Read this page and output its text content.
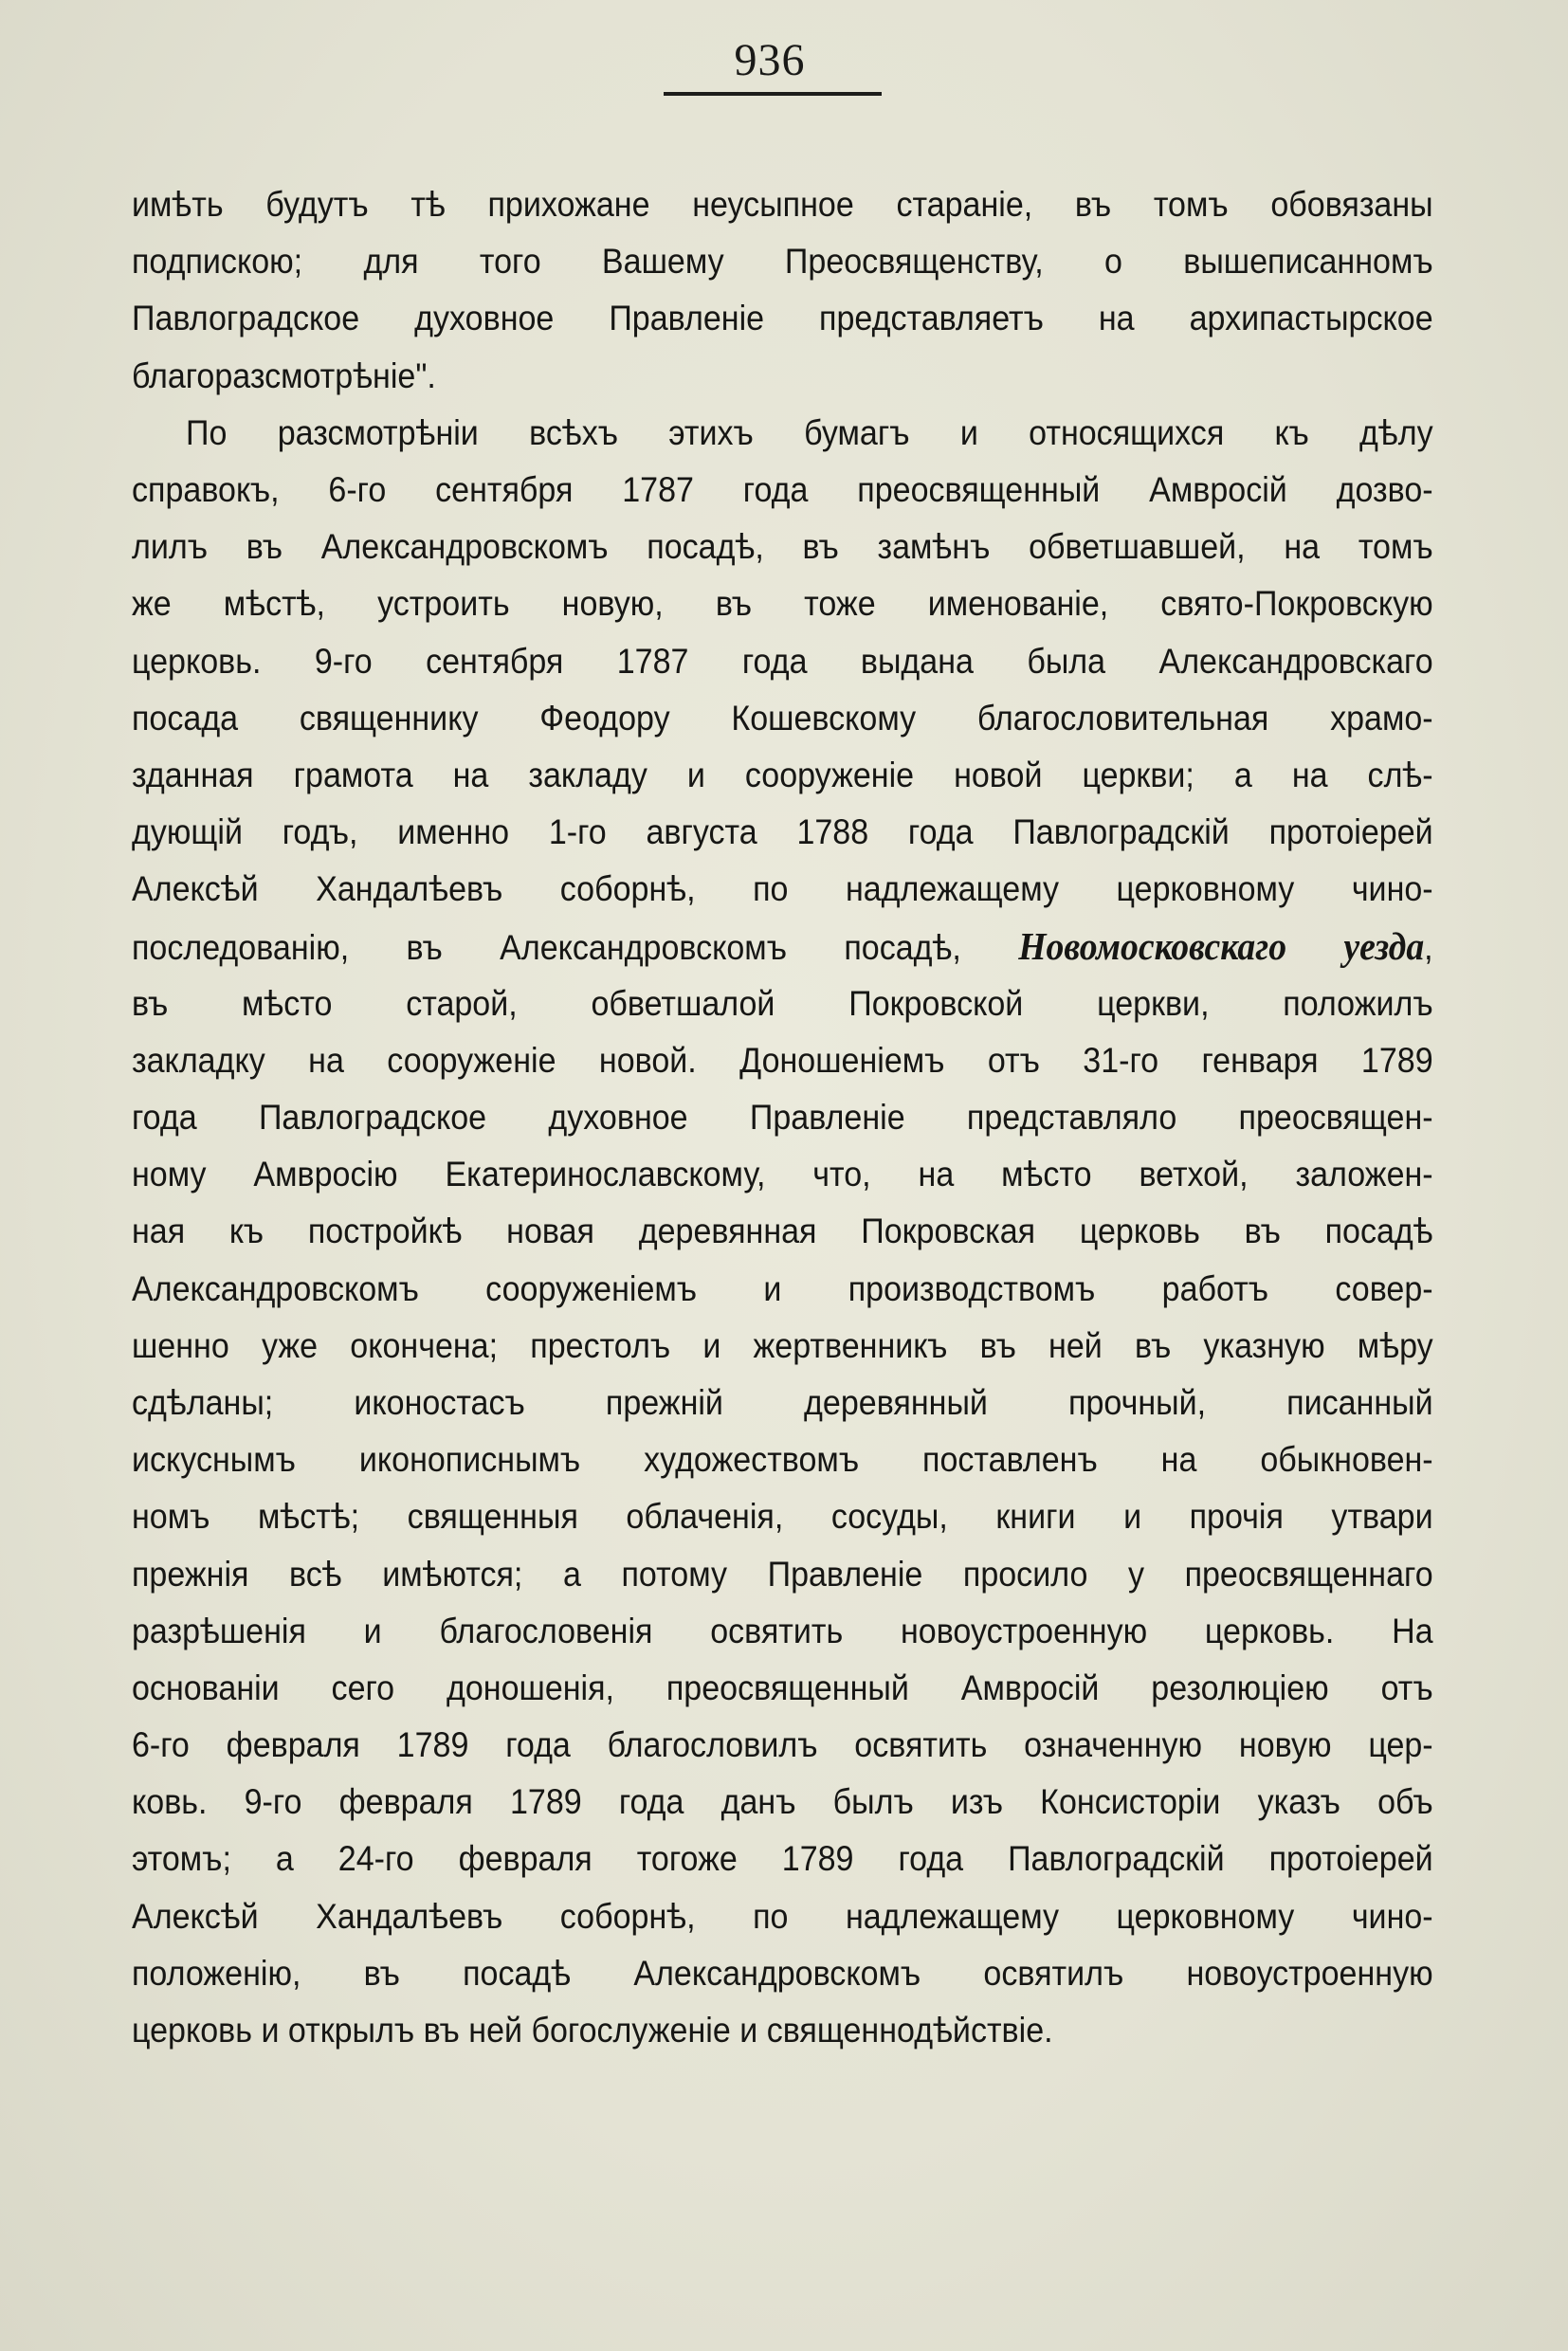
936
имѣть будутъ тѣ прихожане неусыпное стараніе, въ томъ обовязаны
подпискою; для того Вашему Преосвященству, о вышеписанномъ
Павлоградское духовное Правленіе представляетъ на архипастырское
благоразсмотрѣніе".
По разсмотрѣніи всѣхъ этихъ бумагъ и относящихся къ дѣлу
справокъ, 6-го сентября 1787 года преосвященный Амвросій дозво-
лилъ въ Александровскомъ посадѣ, въ замѣнъ обветшавшей, на томъ
же мѣстѣ, устроить новую, въ тоже именованіе, свято-Покровскую
церковь. 9-го сентября 1787 года выдана была Александровскаго
посада священнику Феодору Кошевскому благословительная храмо-
зданная грамота на закладу и сооруженіе новой церкви; а на слѣ-
дующій годъ, именно 1-го августа 1788 года Павлоградскій протоіерей
Алексѣй Хандалѣевъ соборнѣ, по надлежащему церковному чино-
последованію, въ Александровскомъ посадѣ, Новомосковскаго уезда,
въ мѣсто старой, обветшалой Покровской церкви, положилъ
закладку на сооруженіе новой. Доношеніемъ отъ 31-го генваря 1789
года Павлоградское духовное Правленіе представляло преосвящен-
ному Амвросію Екатеринославскому, что, на мѣсто ветхой, заложен-
ная къ постройкѣ новая деревянная Покровская церковь въ посадѣ
Александровскомъ сооруженіемъ и производствомъ работъ совер-
шенно уже окончена; престолъ и жертвенникъ въ ней въ указную мѣру
сдѣланы; иконостасъ прежній деревянный прочный, писанный
искуснымъ иконописнымъ художествомъ поставленъ на обыкновен-
номъ мѣстѣ; священныя облаченія, сосуды, книги и прочія утвари
прежнія всѣ имѣются; а потому Правленіе просило у преосвященнаго
разрѣшенія и благословенія освятить новоустроенную церковь. На
основаніи сего доношенія, преосвященный Амвросій резолюціею отъ
6-го февраля 1789 года благословилъ освятить означенную новую цер-
ковь. 9-го февраля 1789 года данъ былъ изъ Консисторіи указъ объ
этомъ; а 24-го февраля тогоже 1789 года Павлоградскій протоіерей
Алексѣй Хандалѣевъ соборнѣ, по надлежащему церковному чино-
положенію, въ посадѣ Александровскомъ освятилъ новоустроенную
церковь и открылъ въ ней богослуженіе и священнодѣйствіе.
